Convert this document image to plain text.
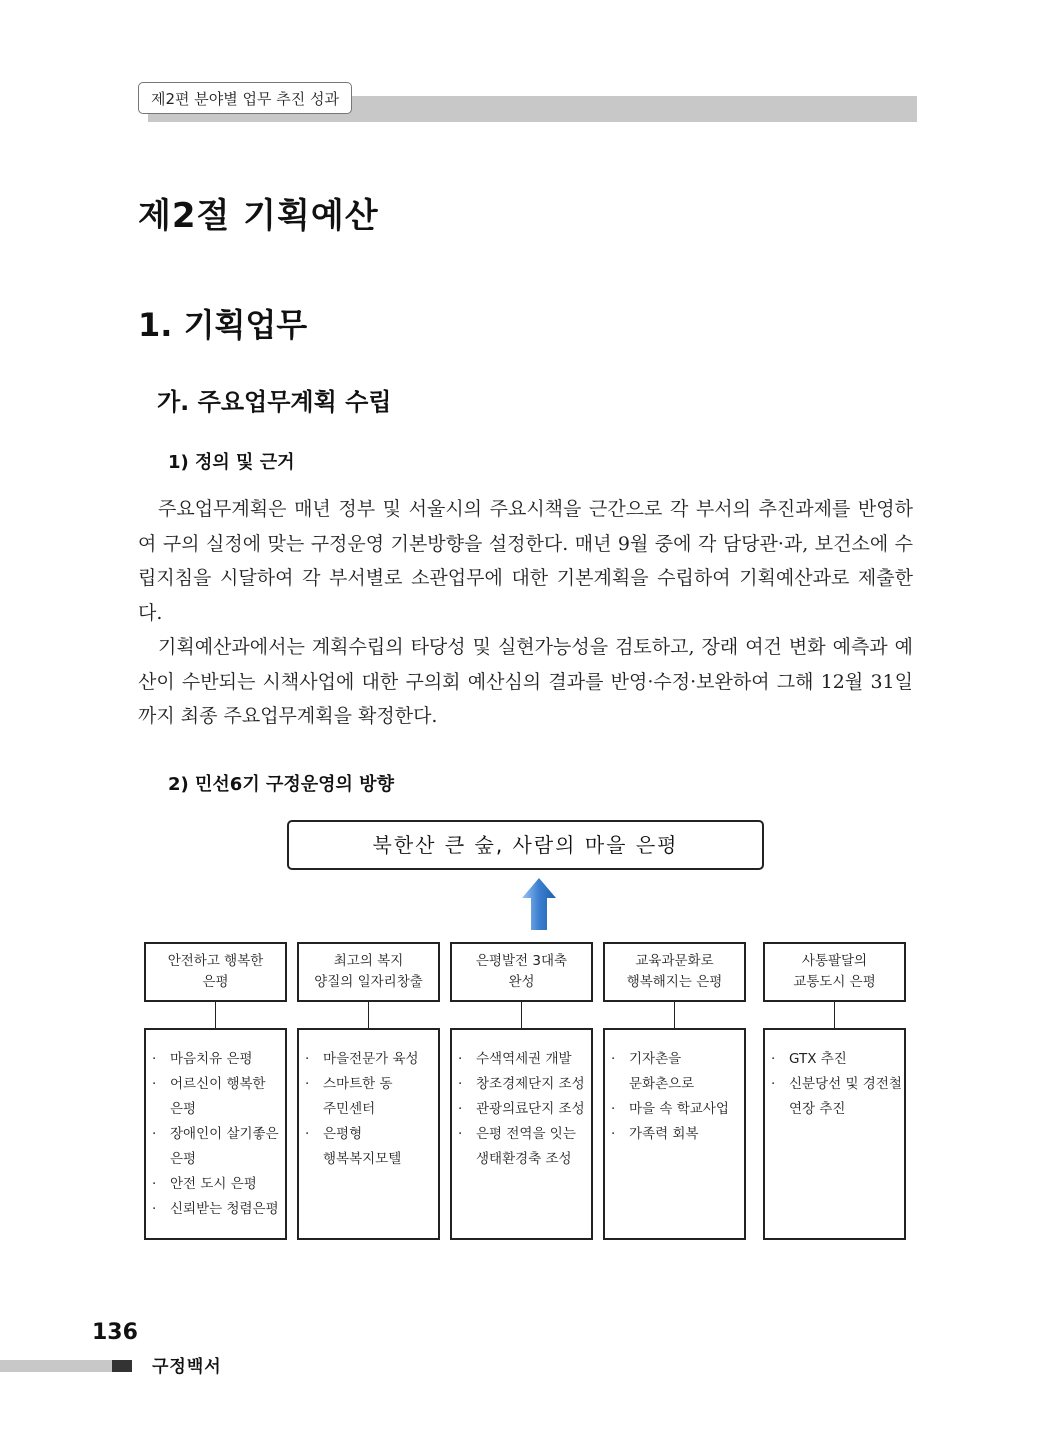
제2편 분야별 업무 추진 성과
제2절 기획예산
1. 기획업무
가. 주요업무계획 수립
1) 정의 및 근거

주요업무계획은 매년 정부 및 서울시의 주요시책을 근간으로 각 부서의 추진과제를 반영하여 구의 실정에 맞는 구정운영 기본방향을 설정한다. 매년 9월 중에 각 담당관·과, 보건소에 수립지침을 시달하여 각 부서별로 소관업무에 대한 기본계획을 수립하여 기획예산과로 제출한다.

기획예산과에서는 계획수립의 타당성 및 실현가능성을 검토하고, 장래 여건 변화 예측과 예산이 수반되는 시책사업에 대한 구의회 예산심의 결과를 반영·수정·보완하여 그해 12월 31일까지 최종 주요업무계획을 확정한다.

2) 민선6기 구정운영의 방향
북한산 큰 숲, 사람의 마을 은평
안전하고 행복한
은평
· 마음치유 은평
· 어르신이 행복한
은평
· 장애인이 살기좋은
은평
· 안전 도시 은평
· 신뢰받는 청렴은평
최고의 복지
양질의 일자리창출
· 마을전문가 육성
· 스마트한 동
주민센터
· 은평형
행복복지모텔
은평발전 3대축
완성
· 수색역세권 개발
· 창조경제단지 조성
· 관광의료단지 조성
· 은평 전역을 잇는
생태환경축 조성
교육과문화로
행복해지는 은평
· 기자촌을
문화촌으로
· 마을 속 학교사업
· 가족력 회복
사통팔달의
교통도시 은평
· GTX 추진
· 신분당선 및 경전철
연장 추진
136
구정백서
